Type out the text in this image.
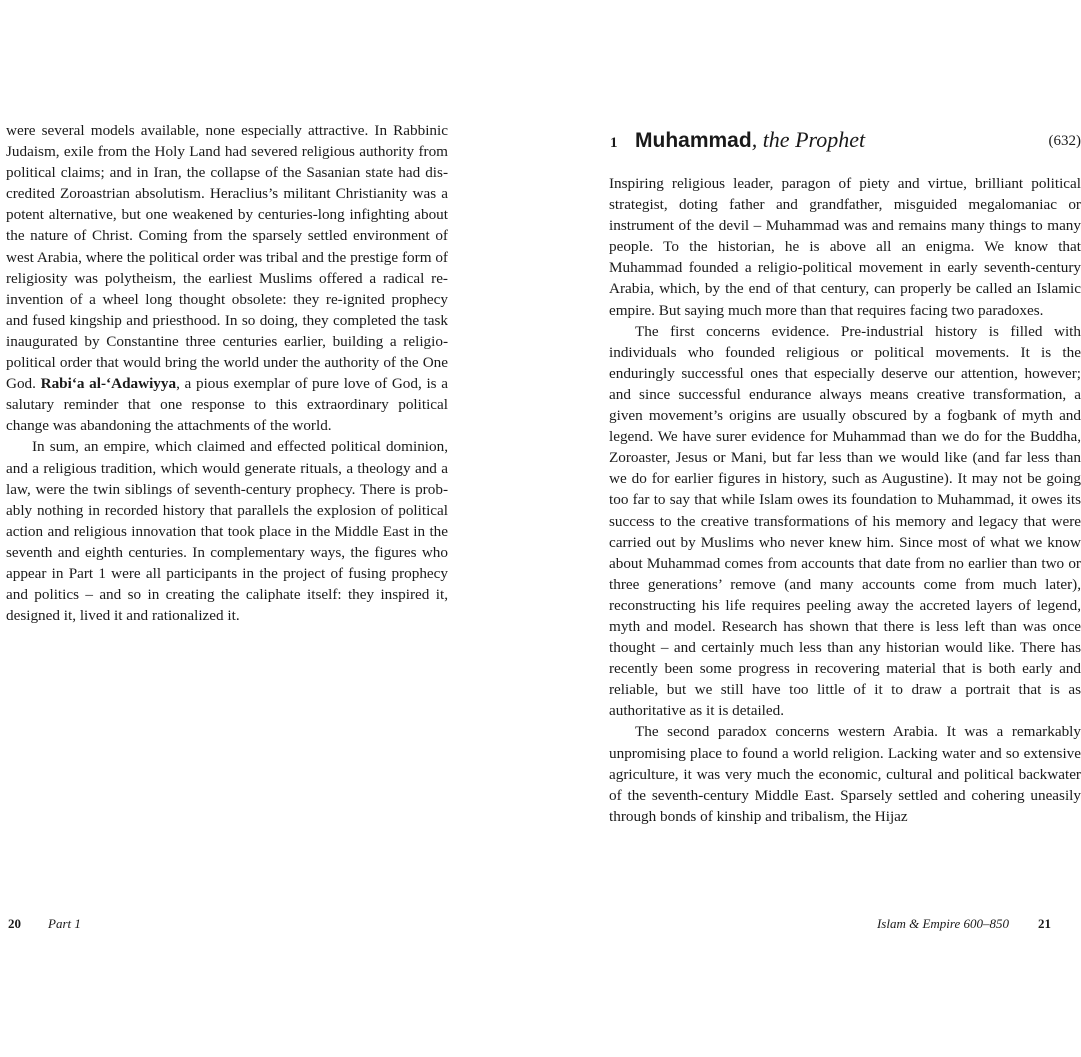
were several models available, none especially attractive. In Rabbinic Judaism, exile from the Holy Land had severed religious authority from political claims; and in Iran, the collapse of the Sasanian state had discredited Zoroastrian absolutism. Heraclius’s militant Christianity was a potent alternative, but one weakened by centuries-long infighting about the nature of Christ. Coming from the sparsely settled environment of west Arabia, where the political order was tribal and the prestige form of religiosity was polytheism, the earliest Muslims offered a radical re-invention of a wheel long thought obsolete: they re-ignited prophecy and fused kingship and priesthood. In so doing, they completed the task inaugurated by Constantine three centuries earlier, building a religio-political order that would bring the world under the authority of the One God. Rabi‘a al-‘Adawiyya, a pious exemplar of pure love of God, is a salutary reminder that one response to this extraordinary political change was abandoning the attachments of the world.

In sum, an empire, which claimed and effected political dominion, and a religious tradition, which would generate rituals, a theology and a law, were the twin siblings of seventh-century prophecy. There is probably nothing in recorded history that parallels the explosion of political action and religious innovation that took place in the Middle East in the seventh and eighth centuries. In complementary ways, the figures who appear in Part 1 were all participants in the project of fusing prophecy and politics – and so in creating the caliphate itself: they inspired it, designed it, lived it and rationalized it.

20 Part 1
1 Muhammad, the Prophet	(632)

Inspiring religious leader, paragon of piety and virtue, brilliant political strategist, doting father and grandfather, misguided megalomaniac or instrument of the devil – Muhammad was and remains many things to many people. To the historian, he is above all an enigma. We know that Muhammad founded a religio-political movement in early seventh-century Arabia, which, by the end of that century, can properly be called an Islamic empire. But saying much more than that requires facing two paradoxes.

The first concerns evidence. Pre-industrial history is filled with individuals who founded religious or political movements. It is the enduringly successful ones that especially deserve our attention, however; and since successful endurance always means creative transformation, a given movement’s origins are usually obscured by a fogbank of myth and legend. We have surer evidence for Muhammad than we do for the Buddha, Zoroaster, Jesus or Mani, but far less than we would like (and far less than we do for earlier figures in history, such as Augustine). It may not be going too far to say that while Islam owes its foundation to Muhammad, it owes its success to the creative transformations of his memory and legacy that were carried out by Muslims who never knew him. Since most of what we know about Muhammad comes from accounts that date from no earlier than two or three generations’ remove (and many accounts come from much later), reconstructing his life requires peeling away the accreted layers of legend, myth and model. Research has shown that there is less left than was once thought – and certainly much less than any historian would like. There has recently been some progress in recovering material that is both early and reliable, but we still have too little of it to draw a portrait that is as authoritative as it is detailed.

The second paradox concerns western Arabia. It was a remarkably unpromising place to found a world religion. Lacking water and so extensive agriculture, it was very much the economic, cultural and political backwater of the seventh-century Middle East. Sparsely settled and cohering uneasily through bonds of kinship and tribalism, the Hijaz

Islam & Empire 600–850 21
